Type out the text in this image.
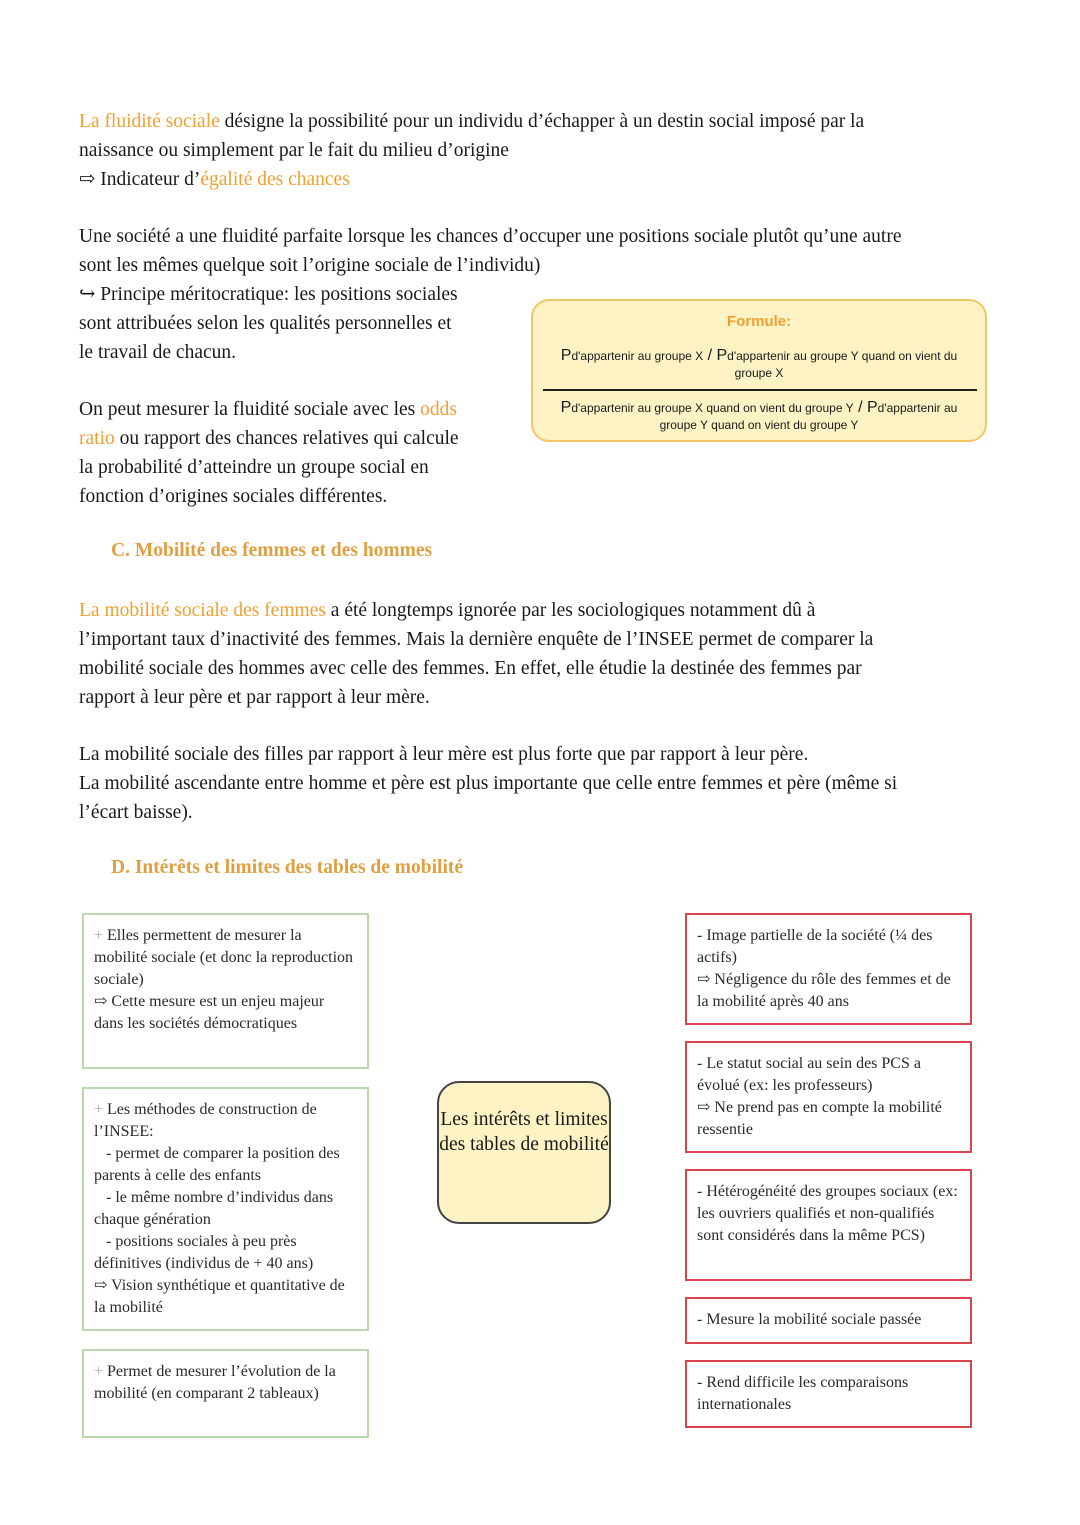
La fluidité sociale désigne la possibilité pour un individu d’échapper à un destin social imposé par la

naissance ou simplement par le fait du milieu d’origine

⇨ Indicateur d’égalité des chances

Une société a une fluidité parfaite lorsque les chances d’occuper une positions sociale plutôt qu’une autre

sont les mêmes quelque soit l’origine sociale de l’individu)

↪ Principe méritocratique: les positions sociales

sont attribuées selon les qualités personnelles et

le travail de chacun.

On peut mesurer la fluidité sociale avec les odds

ratio ou rapport des chances relatives qui calcule

la probabilité d’atteindre un groupe social en

fonction d’origines sociales différentes.

Formule:
Pd'appartenir au groupe X / Pd'appartenir au groupe Y quand on vient du groupe X
Pd'appartenir au groupe X quand on vient du groupe Y / Pd'appartenir au groupe Y quand on vient du groupe Y

C. Mobilité des femmes et des hommes

La mobilité sociale des femmes a été longtemps ignorée par les sociologiques notamment dû à

l’important taux d’inactivité des femmes. Mais la dernière enquête de l’INSEE permet de comparer la

mobilité sociale des hommes avec celle des femmes. En effet, elle étudie la destinée des femmes par

rapport à leur père et par rapport à leur mère.

La mobilité sociale des filles par rapport à leur mère est plus forte que par rapport à leur père.

La mobilité ascendante entre homme et père est plus importante que celle entre femmes et père (même si

l’écart baisse).

D. Intérêts et limites des tables de mobilité

+ Elles permettent de mesurer la mobilité sociale (et donc la reproduction sociale)
⇨ Cette mesure est un enjeu majeur dans les sociétés démocratiques
+ Les méthodes de construction de l’INSEE:
- permet de comparer la position des parents à celle des enfants
- le même nombre d’individus dans chaque génération
- positions sociales à peu près définitives (individus de + 40 ans)
⇨ Vision synthétique et quantitative de la mobilité
+ Permet de mesurer l’évolution de la mobilité (en comparant 2 tableaux)
Les intérêts et limites des tables de mobilité
- Image partielle de la société (¼ des actifs)
⇨ Négligence du rôle des femmes et de la mobilité après 40 ans
- Le statut social au sein des PCS a évolué (ex: les professeurs)
⇨ Ne prend pas en compte la mobilité ressentie
- Hétérogénéité des groupes sociaux (ex: les ouvriers qualifiés et non-qualifiés sont considérés dans la même PCS)
- Mesure la mobilité sociale passée
- Rend difficile les comparaisons internationales
